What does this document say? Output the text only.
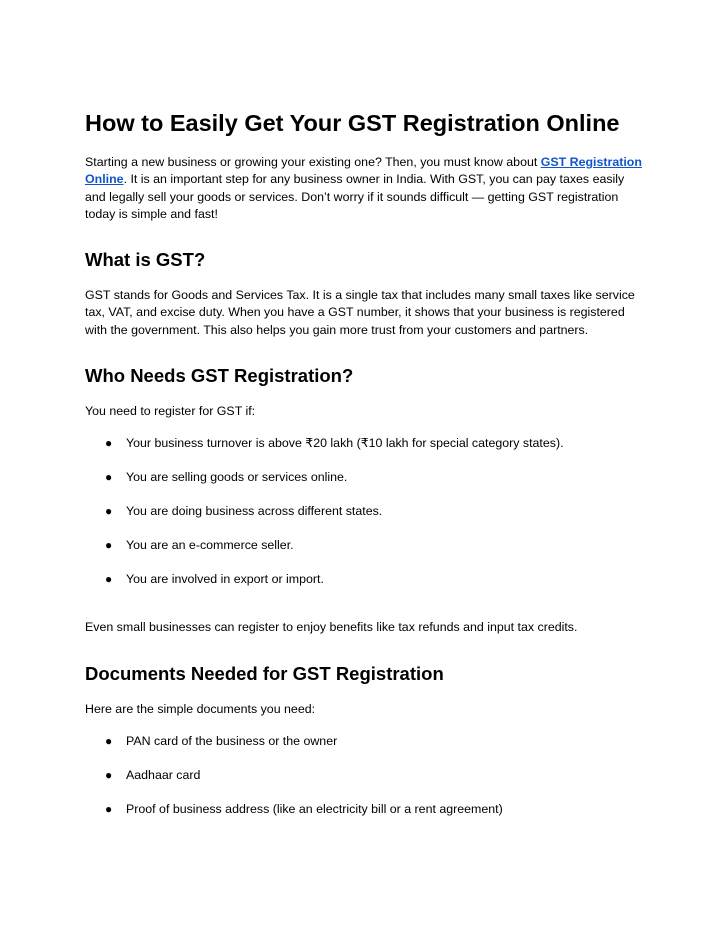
How to Easily Get Your GST Registration Online

Starting a new business or growing your existing one? Then, you must know about GST Registration Online. It is an important step for any business owner in India. With GST, you can pay taxes easily and legally sell your goods or services. Don’t worry if it sounds difficult — getting GST registration today is simple and fast!

What is GST?

GST stands for Goods and Services Tax. It is a single tax that includes many small taxes like service tax, VAT, and excise duty. When you have a GST number, it shows that your business is registered with the government. This also helps you gain more trust from your customers and partners.

Who Needs GST Registration?

You need to register for GST if:

● Your business turnover is above ₹20 lakh (₹10 lakh for special category states).
● You are selling goods or services online.
● You are doing business across different states.
● You are an e-commerce seller.
● You are involved in export or import.

Even small businesses can register to enjoy benefits like tax refunds and input tax credits.

Documents Needed for GST Registration

Here are the simple documents you need:

● PAN card of the business or the owner
● Aadhaar card
● Proof of business address (like an electricity bill or a rent agreement)
